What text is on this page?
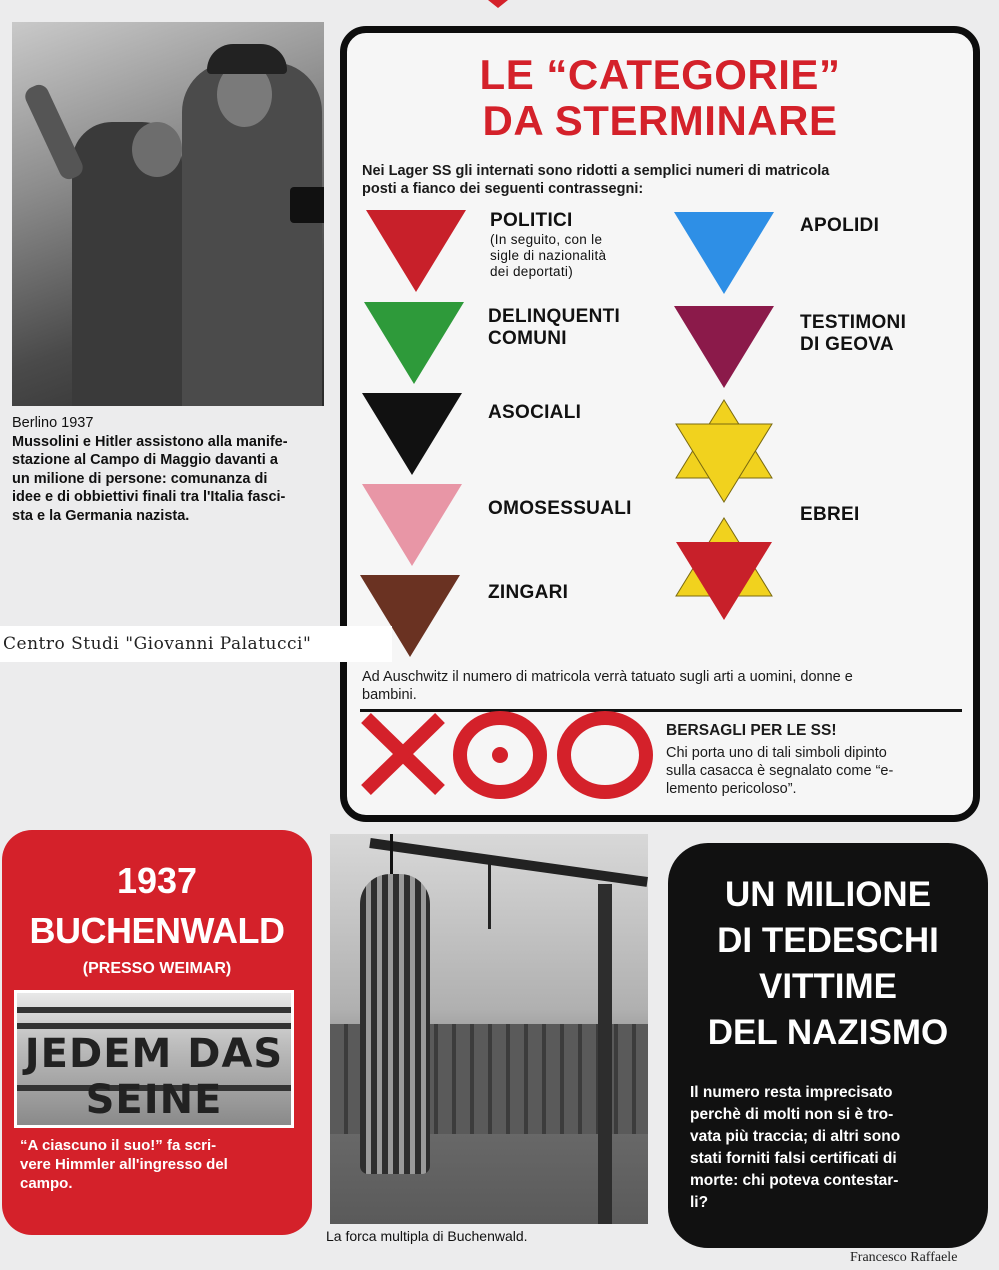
Berlino 1937
Mussolini e Hitler assistono alla manife-
stazione al Campo di Maggio davanti a
un milione di persone: comunanza di
idee e di obbiettivi finali tra l'Italia fasci-
sta e la Germania nazista.
LE “CATEGORIE”
DA STERMINARE
Nei Lager SS gli internati sono ridotti a semplici numeri di matricola
posti a fianco dei seguenti contrassegni:
POLITICI
(In seguito, con le
sigle di nazionalità
dei deportati)
APOLIDI
DELINQUENTI
COMUNI
TESTIMONI
DI GEOVA
ASOCIALI
OMOSESSUALI	EBREI
ZINGARI
Ad Auschwitz il numero di matricola verrà tatuato sugli arti a uomini, donne e
bambini.
BERSAGLI PER LE SS!
Chi porta uno di tali simboli dipinto
sulla casacca è segnalato come “e-
lemento pericoloso”.
Centro Studi "Giovanni Palatucci"
1937
BUCHENWALD
(PRESSO WEIMAR)
JEDEM DAS SEINE
“A ciascuno il suo!” fa scri-
vere Himmler all'ingresso del
campo.
La forca multipla di Buchenwald.
UN MILIONE
DI TEDESCHI
VITTIME
DEL NAZISMO
Il numero resta imprecisato
perchè di molti non si è tro-
vata più traccia; di altri sono
stati forniti falsi certificati di
morte: chi poteva contestar-
li?
Francesco Raffaele
